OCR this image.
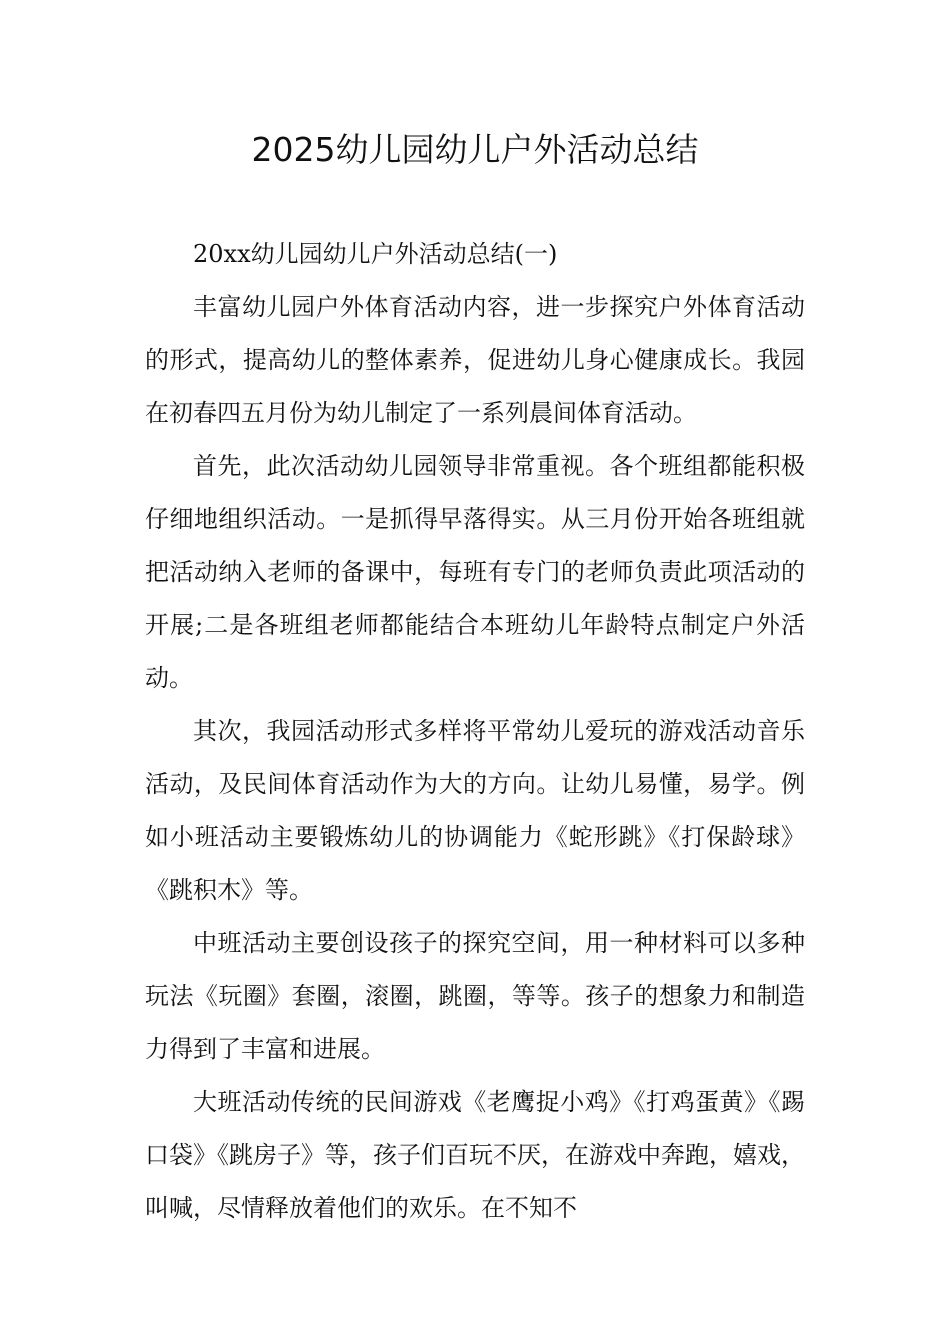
2025幼儿园幼儿户外活动总结

20xx幼儿园幼儿户外活动总结(一)

丰富幼儿园户外体育活动内容，进一步探究户外体育活动的形式，提高幼儿的整体素养，促进幼儿身心健康成长。我园在初春四五月份为幼儿制定了一系列晨间体育活动。

首先，此次活动幼儿园领导非常重视。各个班组都能积极仔细地组织活动。一是抓得早落得实。从三月份开始各班组就把活动纳入老师的备课中，每班有专门的老师负责此项活动的开展;二是各班组老师都能结合本班幼儿年龄特点制定户外活动。

其次，我园活动形式多样将平常幼儿爱玩的游戏活动音乐活动，及民间体育活动作为大的方向。让幼儿易懂，易学。例如小班活动主要锻炼幼儿的协调能力《蛇形跳》《打保龄球》《跳积木》等。

中班活动主要创设孩子的探究空间，用一种材料可以多种玩法《玩圈》套圈，滚圈，跳圈，等等。孩子的想象力和制造力得到了丰富和进展。

大班活动传统的民间游戏《老鹰捉小鸡》《打鸡蛋黄》《踢口袋》《跳房子》等，孩子们百玩不厌，在游戏中奔跑，嬉戏，叫喊，尽情释放着他们的欢乐。在不知不
